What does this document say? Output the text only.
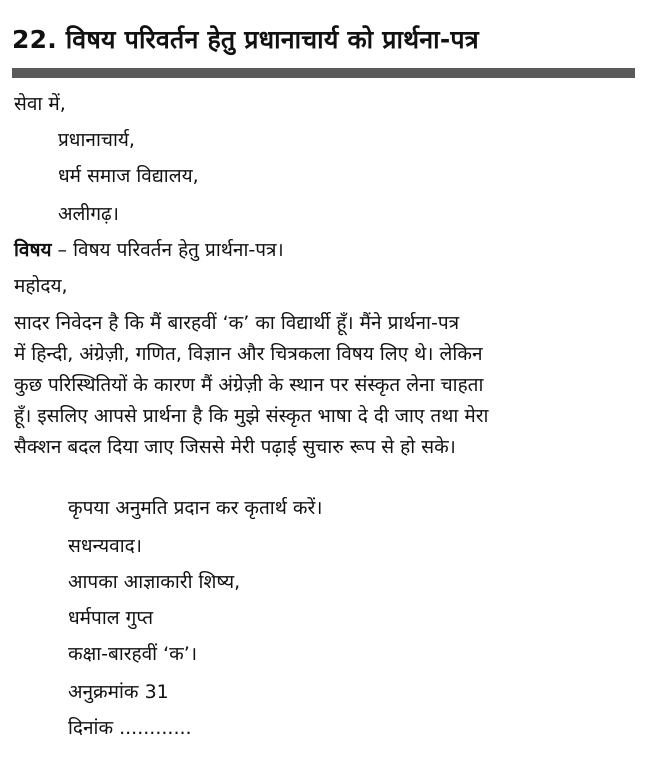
22. विषय परिवर्तन हेतु प्रधानाचार्य को प्रार्थना-पत्र
सेवा में,
प्रधानाचार्य,
धर्म समाज विद्यालय,
अलीगढ़।
विषय – विषय परिवर्तन हेतु प्रार्थना-पत्र।
महोदय,
सादर निवेदन है कि मैं बारहवीं ‘क’ का विद्यार्थी हूँ। मैंने प्रार्थना-पत्र
में हिन्दी, अंग्रेज़ी, गणित, विज्ञान और चित्रकला विषय लिए थे। लेकिन
कुछ परिस्थितियों के कारण मैं अंग्रेज़ी के स्थान पर संस्कृत लेना चाहता
हूँ। इसलिए आपसे प्रार्थना है कि मुझे संस्कृत भाषा दे दी जाए तथा मेरा
सैक्शन बदल दिया जाए जिससे मेरी पढ़ाई सुचारु रूप से हो सके।
कृपया अनुमति प्रदान कर कृतार्थ करें।
सधन्यवाद।
आपका आज्ञाकारी शिष्य,
धर्मपाल गुप्त
कक्षा-बारहवीं ‘क’।
अनुक्रमांक 31
दिनांक ............
